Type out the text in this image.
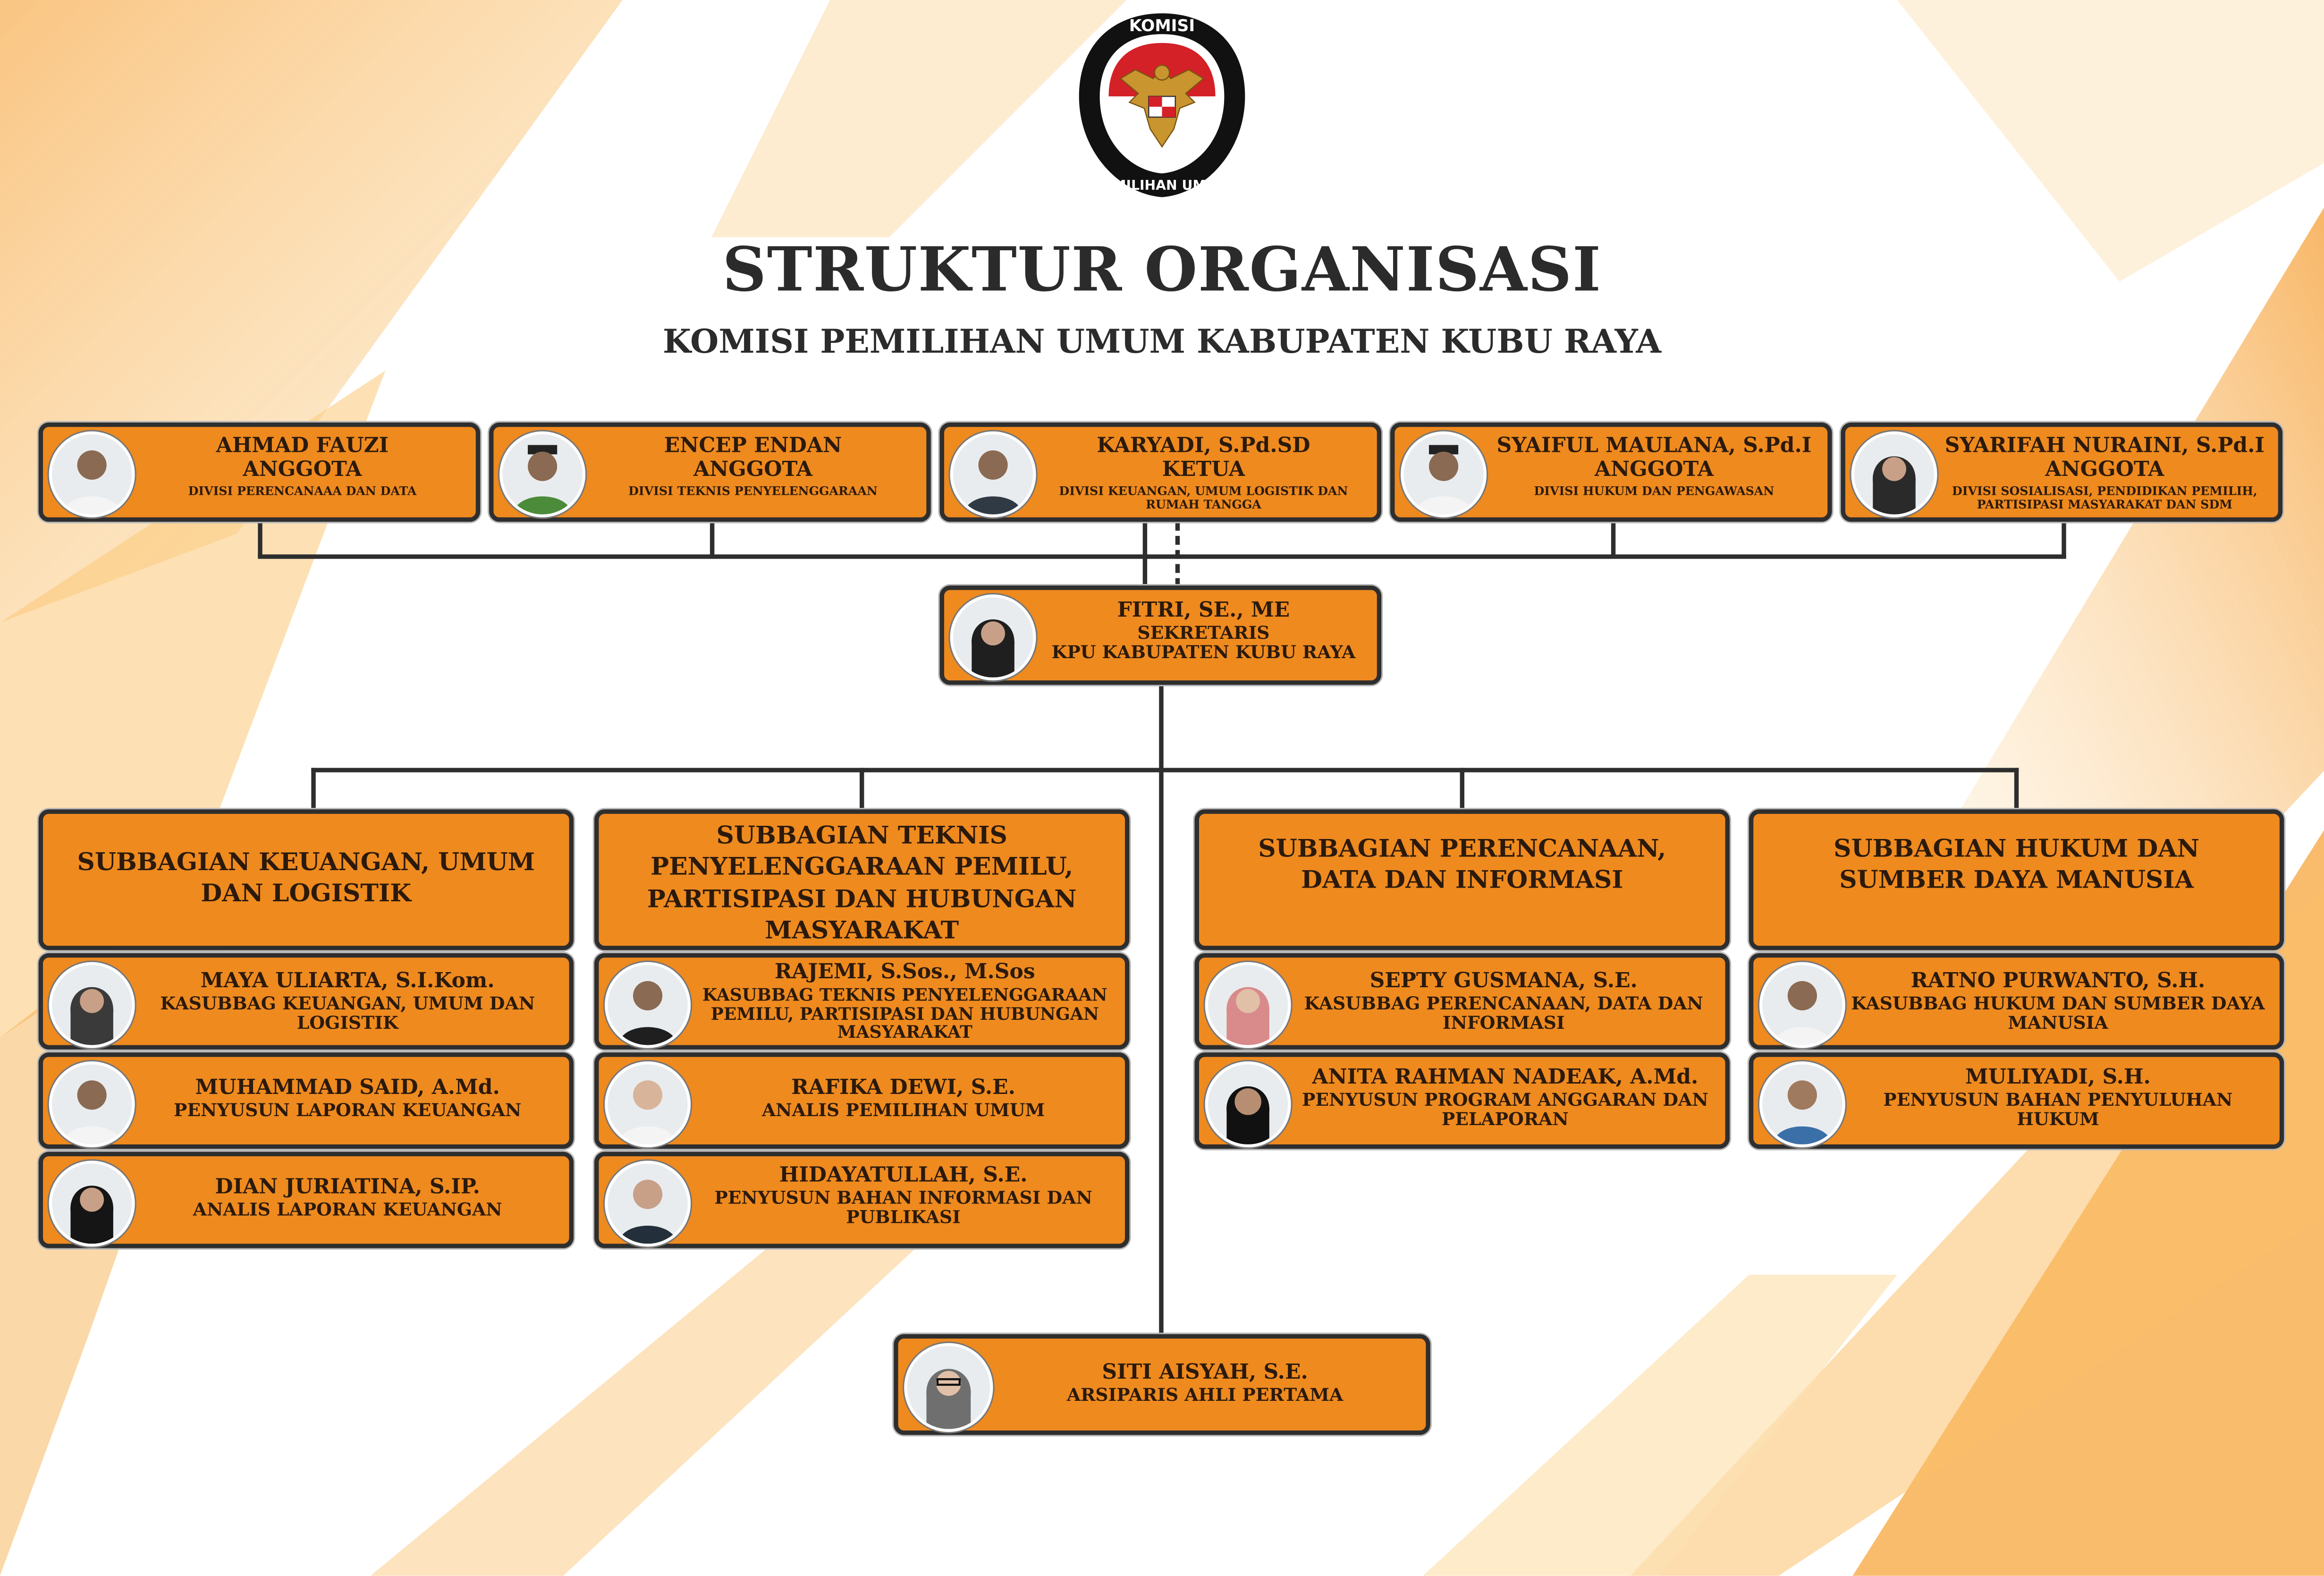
KOMISI
PEMILIHAN UMUM
STRUKTUR ORGANISASI
KOMISI PEMILIHAN UMUM KABUPATEN KUBU RAYA
AHMAD FAUZI
ANGGOTA
DIVISI PERENCANAAA DAN DATA
ENCEP ENDAN
ANGGOTA
DIVISI TEKNIS PENYELENGGARAAN
KARYADI, S.Pd.SD
KETUA
DIVISI KEUANGAN, UMUM LOGISTIK DAN RUMAH TANGGA
SYAIFUL MAULANA, S.Pd.I
ANGGOTA
DIVISI HUKUM DAN PENGAWASAN
SYARIFAH NURAINI, S.Pd.I
ANGGOTA
DIVISI SOSIALISASI, PENDIDIKAN PEMILIH, PARTISIPASI MASYARAKAT DAN SDM
FITRI, SE., ME
SEKRETARIS
KPU KABUPATEN KUBU RAYA
SUBBAGIAN KEUANGAN, UMUM DAN LOGISTIK
SUBBAGIAN TEKNIS PENYELENGGARAAN PEMILU, PARTISIPASI DAN HUBUNGAN MASYARAKAT
SUBBAGIAN PERENCANAAN, DATA DAN INFORMASI
SUBBAGIAN HUKUM DAN SUMBER DAYA MANUSIA
MAYA ULIARTA, S.I.Kom.
KASUBBAG KEUANGAN, UMUM DAN LOGISTIK
MUHAMMAD SAID, A.Md.
PENYUSUN LAPORAN KEUANGAN
DIAN JURIATINA, S.IP.
ANALIS LAPORAN KEUANGAN
RAJEMI, S.Sos., M.Sos
KASUBBAG TEKNIS PENYELENGGARAAN PEMILU, PARTISIPASI DAN HUBUNGAN MASYARAKAT
RAFIKA DEWI, S.E.
ANALIS PEMILIHAN UMUM
HIDAYATULLAH, S.E.
PENYUSUN BAHAN INFORMASI DAN PUBLIKASI
SEPTY GUSMANA, S.E.
KASUBBAG PERENCANAAN, DATA DAN INFORMASI
ANITA RAHMAN NADEAK, A.Md.
PENYUSUN PROGRAM ANGGARAN DAN PELAPORAN
RATNO PURWANTO, S.H.
KASUBBAG HUKUM DAN SUMBER DAYA MANUSIA
MULIYADI, S.H.
PENYUSUN BAHAN PENYULUHAN HUKUM
SITI AISYAH, S.E.
ARSIPARIS AHLI PERTAMA
